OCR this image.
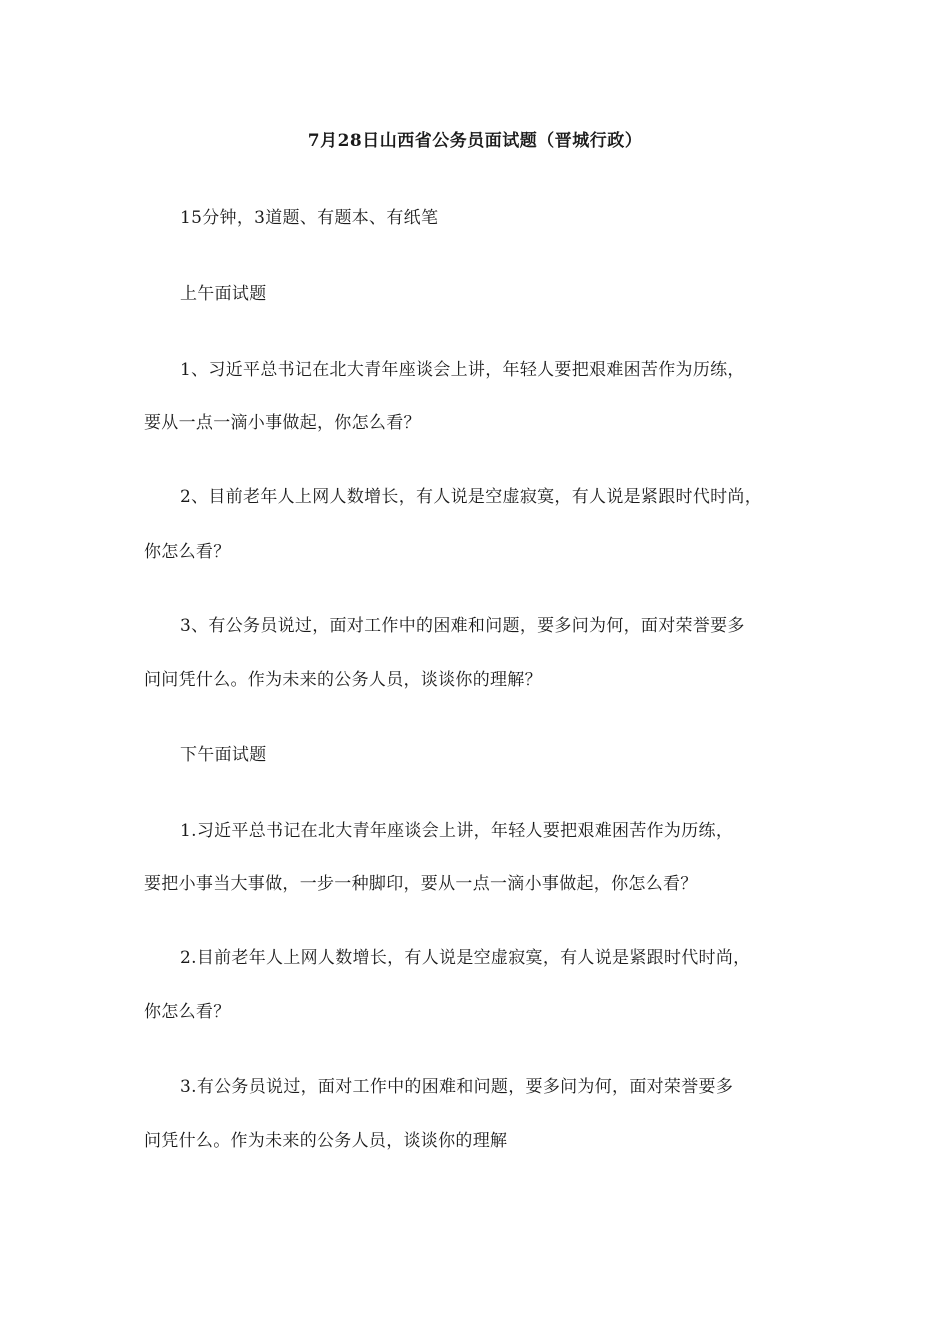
7月28日山西省公务员面试题（晋城行政）

15分钟，3道题、有题本、有纸笔

上午面试题

1、习近平总书记在北大青年座谈会上讲，年轻人要把艰难困苦作为历练，

要从一点一滴小事做起，你怎么看？

2、目前老年人上网人数增长，有人说是空虚寂寞，有人说是紧跟时代时尚，

你怎么看？

3、有公务员说过，面对工作中的困难和问题，要多问为何，面对荣誉要多

问问凭什么。作为未来的公务人员，谈谈你的理解？

下午面试题

1.习近平总书记在北大青年座谈会上讲，年轻人要把艰难困苦作为历练，

要把小事当大事做，一步一种脚印，要从一点一滴小事做起，你怎么看？

2.目前老年人上网人数增长，有人说是空虚寂寞，有人说是紧跟时代时尚，

你怎么看？

3.有公务员说过，面对工作中的困难和问题，要多问为何，面对荣誉要多

问凭什么。作为未来的公务人员，谈谈你的理解
